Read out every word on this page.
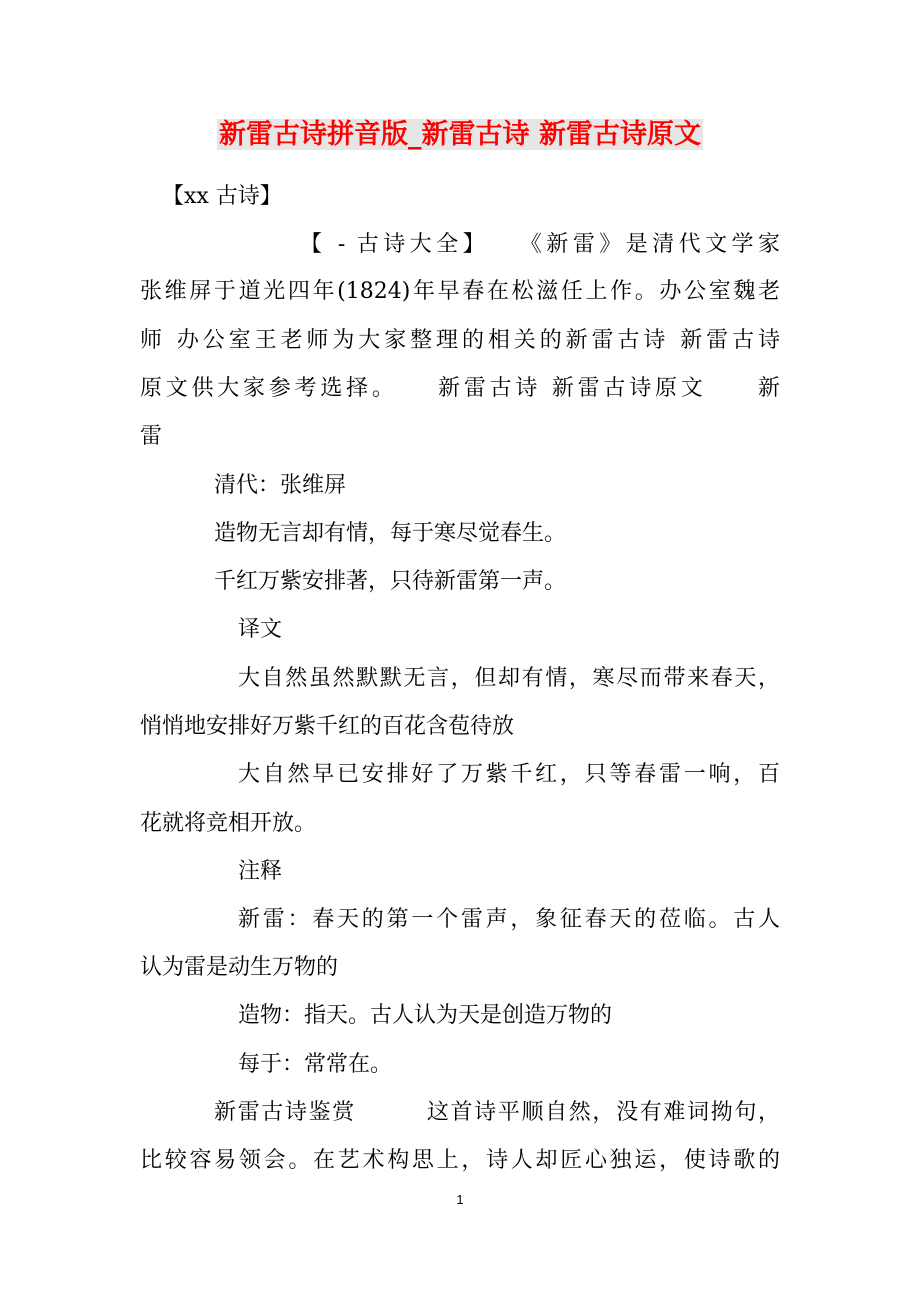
新雷古诗拼音版_新雷古诗 新雷古诗原文
【xx 古诗】
【 - 古诗大全】　　《新雷》是清代文学家
张维屏于道光四年(1824)年早春在松滋任上作。办公室魏老
师 办公室王老师为大家整理的相关的新雷古诗 新雷古诗
原文供大家参考选择。　　新雷古诗 新雷古诗原文　　新
雷
清代：张维屏
造物无言却有情，每于寒尽觉春生。
千红万紫安排著，只待新雷第一声。
译文
大自然虽然默默无言，但却有情，寒尽而带来春天，
悄悄地安排好万紫千红的百花含苞待放
大自然早已安排好了万紫千红，只等春雷一响，百
花就将竞相开放。
注释
新雷：春天的第一个雷声，象征春天的莅临。古人
认为雷是动生万物的
造物：指天。古人认为天是创造万物的
每于：常常在。
新雷古诗鉴赏　　　这首诗平顺自然，没有难词拗句，
比较容易领会。在艺术构思上，诗人却匠心独运，使诗歌的
1
